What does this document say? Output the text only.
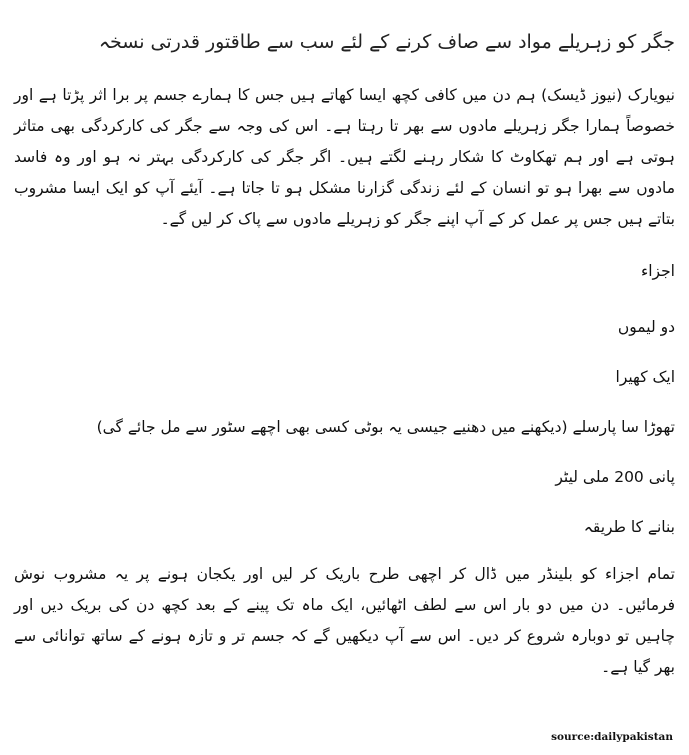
جگر کو زہریلے مواد سے صاف کرنے کے لئے سب سے طاقتور قدرتی نسخہ

نیویارک (نیوز ڈیسک) ہم دن میں کافی کچھ ایسا کھاتے ہیں جس کا ہمارے جسم پر برا اثر پڑتا ہے اور خصوصاً ہمارا جگر زہریلے مادوں سے بھر تا رہتا ہے۔ اس کی وجہ سے جگر کی کارکردگی بھی متاثر ہوتی ہے اور ہم تھکاوٹ کا شکار رہنے لگتے ہیں۔ اگر جگر کی کارکردگی بہتر نہ ہو اور وہ فاسد مادوں سے بھرا ہو تو انسان کے لئے زندگی گزارنا مشکل ہو تا جاتا ہے۔ آیئے آپ کو ایک ایسا مشروب بتاتے ہیں جس پر عمل کر کے آپ اپنے جگر کو زہریلے مادوں سے پاک کر لیں گے۔

اجزاء

دو لیموں

ایک کھیرا

تھوڑا سا پارسلے (دیکھنے میں دھنیے جیسی یہ بوٹی کسی بھی اچھے سٹور سے مل جائے گی)

پانی 200 ملی لیٹر

بنانے کا طریقہ

تمام اجزاء کو بلینڈر میں ڈال کر اچھی طرح باریک کر لیں اور یکجان ہونے پر یہ مشروب نوش فرمائیں۔ دن میں دو بار اس سے لطف اٹھائیں، ایک ماہ تک پینے کے بعد کچھ دن کی بریک دیں اور چاہیں تو دوبارہ شروع کر دیں۔ اس سے آپ دیکھیں گے کہ جسم تر و تازہ ہونے کے ساتھ توانائی سے بھر گیا ہے۔

source:dailypakistan
